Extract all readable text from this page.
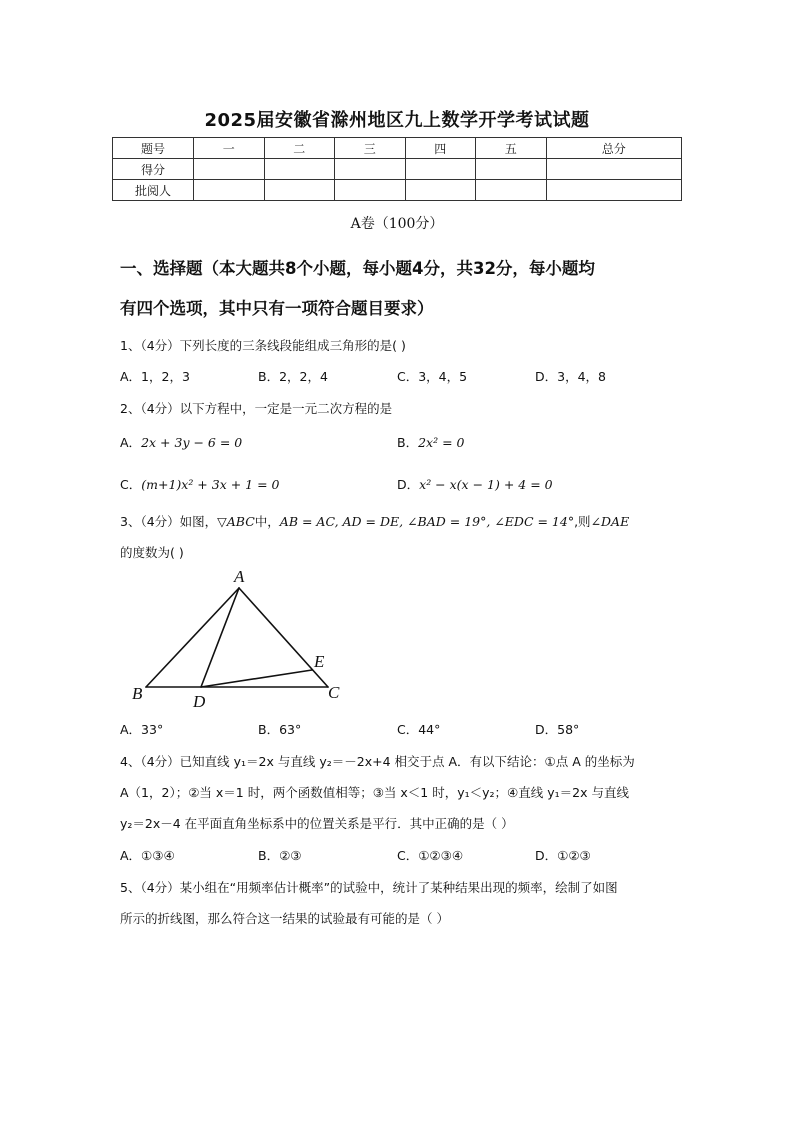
2025届安徽省滁州地区九上数学开学考试试题
题号	一	二	三	四	五	总分
得分						
批阅人						
A卷（100分）
一、选择题（本大题共8个小题，每小题4分，共32分，每小题均
有四个选项，其中只有一项符合题目要求）
1、（4分）下列长度的三条线段能组成三角形的是( )
A．1，2，3	B．2，2，4	C．3，4，5	D．3，4，8
2、（4分）以下方程中，一定是一元二次方程的是
A．2x + 3y − 6 = 0	B．2x² = 0
C．(m+1)x² + 3x + 1 = 0	D．x² − x(x − 1) + 4 = 0
3、（4分）如图，▽ABC中，AB = AC, AD = DE, ∠BAD = 19°, ∠EDC = 14°,则∠DAE
的度数为( )
A
B	C
D
E
A．33°	B．63°	C．44°	D．58°
4、（4分）已知直线 y₁＝2x 与直线 y₂＝－2x+4 相交于点 A．有以下结论：①点 A 的坐标为
A（1，2）；②当 x＝1 时，两个函数值相等；③当 x＜1 时，y₁＜y₂；④直线 y₁＝2x 与直线
y₂＝2x－4 在平面直角坐标系中的位置关系是平行．其中正确的是（ ）
A．①③④	B．②③	C．①②③④	D．①②③
5、（4分）某小组在“用频率估计概率”的试验中，统计了某种结果出现的频率，绘制了如图
所示的折线图，那么符合这一结果的试验最有可能的是（ ）
